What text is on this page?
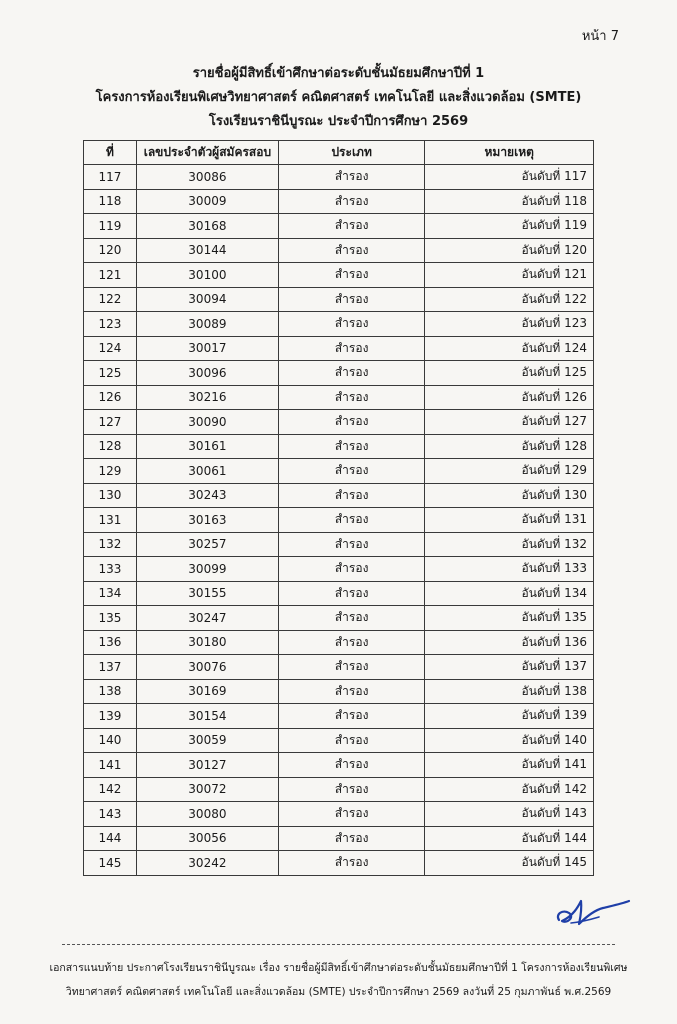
หน้า 7
รายชื่อผู้มีสิทธิ์เข้าศึกษาต่อระดับชั้นมัธยมศึกษาปีที่ 1
โครงการห้องเรียนพิเศษวิทยาศาสตร์ คณิตศาสตร์ เทคโนโลยี และสิ่งแวดล้อม (SMTE)
โรงเรียนราชินีบูรณะ ประจำปีการศึกษา 2569
ที่	เลขประจำตัวผู้สมัครสอบ	ประเภท	หมายเหตุ
117	30086	สำรอง	อันดับที่ 117
118	30009	สำรอง	อันดับที่ 118
119	30168	สำรอง	อันดับที่ 119
120	30144	สำรอง	อันดับที่ 120
121	30100	สำรอง	อันดับที่ 121
122	30094	สำรอง	อันดับที่ 122
123	30089	สำรอง	อันดับที่ 123
124	30017	สำรอง	อันดับที่ 124
125	30096	สำรอง	อันดับที่ 125
126	30216	สำรอง	อันดับที่ 126
127	30090	สำรอง	อันดับที่ 127
128	30161	สำรอง	อันดับที่ 128
129	30061	สำรอง	อันดับที่ 129
130	30243	สำรอง	อันดับที่ 130
131	30163	สำรอง	อันดับที่ 131
132	30257	สำรอง	อันดับที่ 132
133	30099	สำรอง	อันดับที่ 133
134	30155	สำรอง	อันดับที่ 134
135	30247	สำรอง	อันดับที่ 135
136	30180	สำรอง	อันดับที่ 136
137	30076	สำรอง	อันดับที่ 137
138	30169	สำรอง	อันดับที่ 138
139	30154	สำรอง	อันดับที่ 139
140	30059	สำรอง	อันดับที่ 140
141	30127	สำรอง	อันดับที่ 141
142	30072	สำรอง	อันดับที่ 142
143	30080	สำรอง	อันดับที่ 143
144	30056	สำรอง	อันดับที่ 144
145	30242	สำรอง	อันดับที่ 145
เอกสารแนบท้าย ประกาศโรงเรียนราชินีบูรณะ เรื่อง รายชื่อผู้มีสิทธิ์เข้าศึกษาต่อระดับชั้นมัธยมศึกษาปีที่ 1 โครงการห้องเรียนพิเศษ
วิทยาศาสตร์ คณิตศาสตร์ เทคโนโลยี และสิ่งแวดล้อม (SMTE) ประจำปีการศึกษา 2569 ลงวันที่ 25 กุมภาพันธ์ พ.ศ.2569
